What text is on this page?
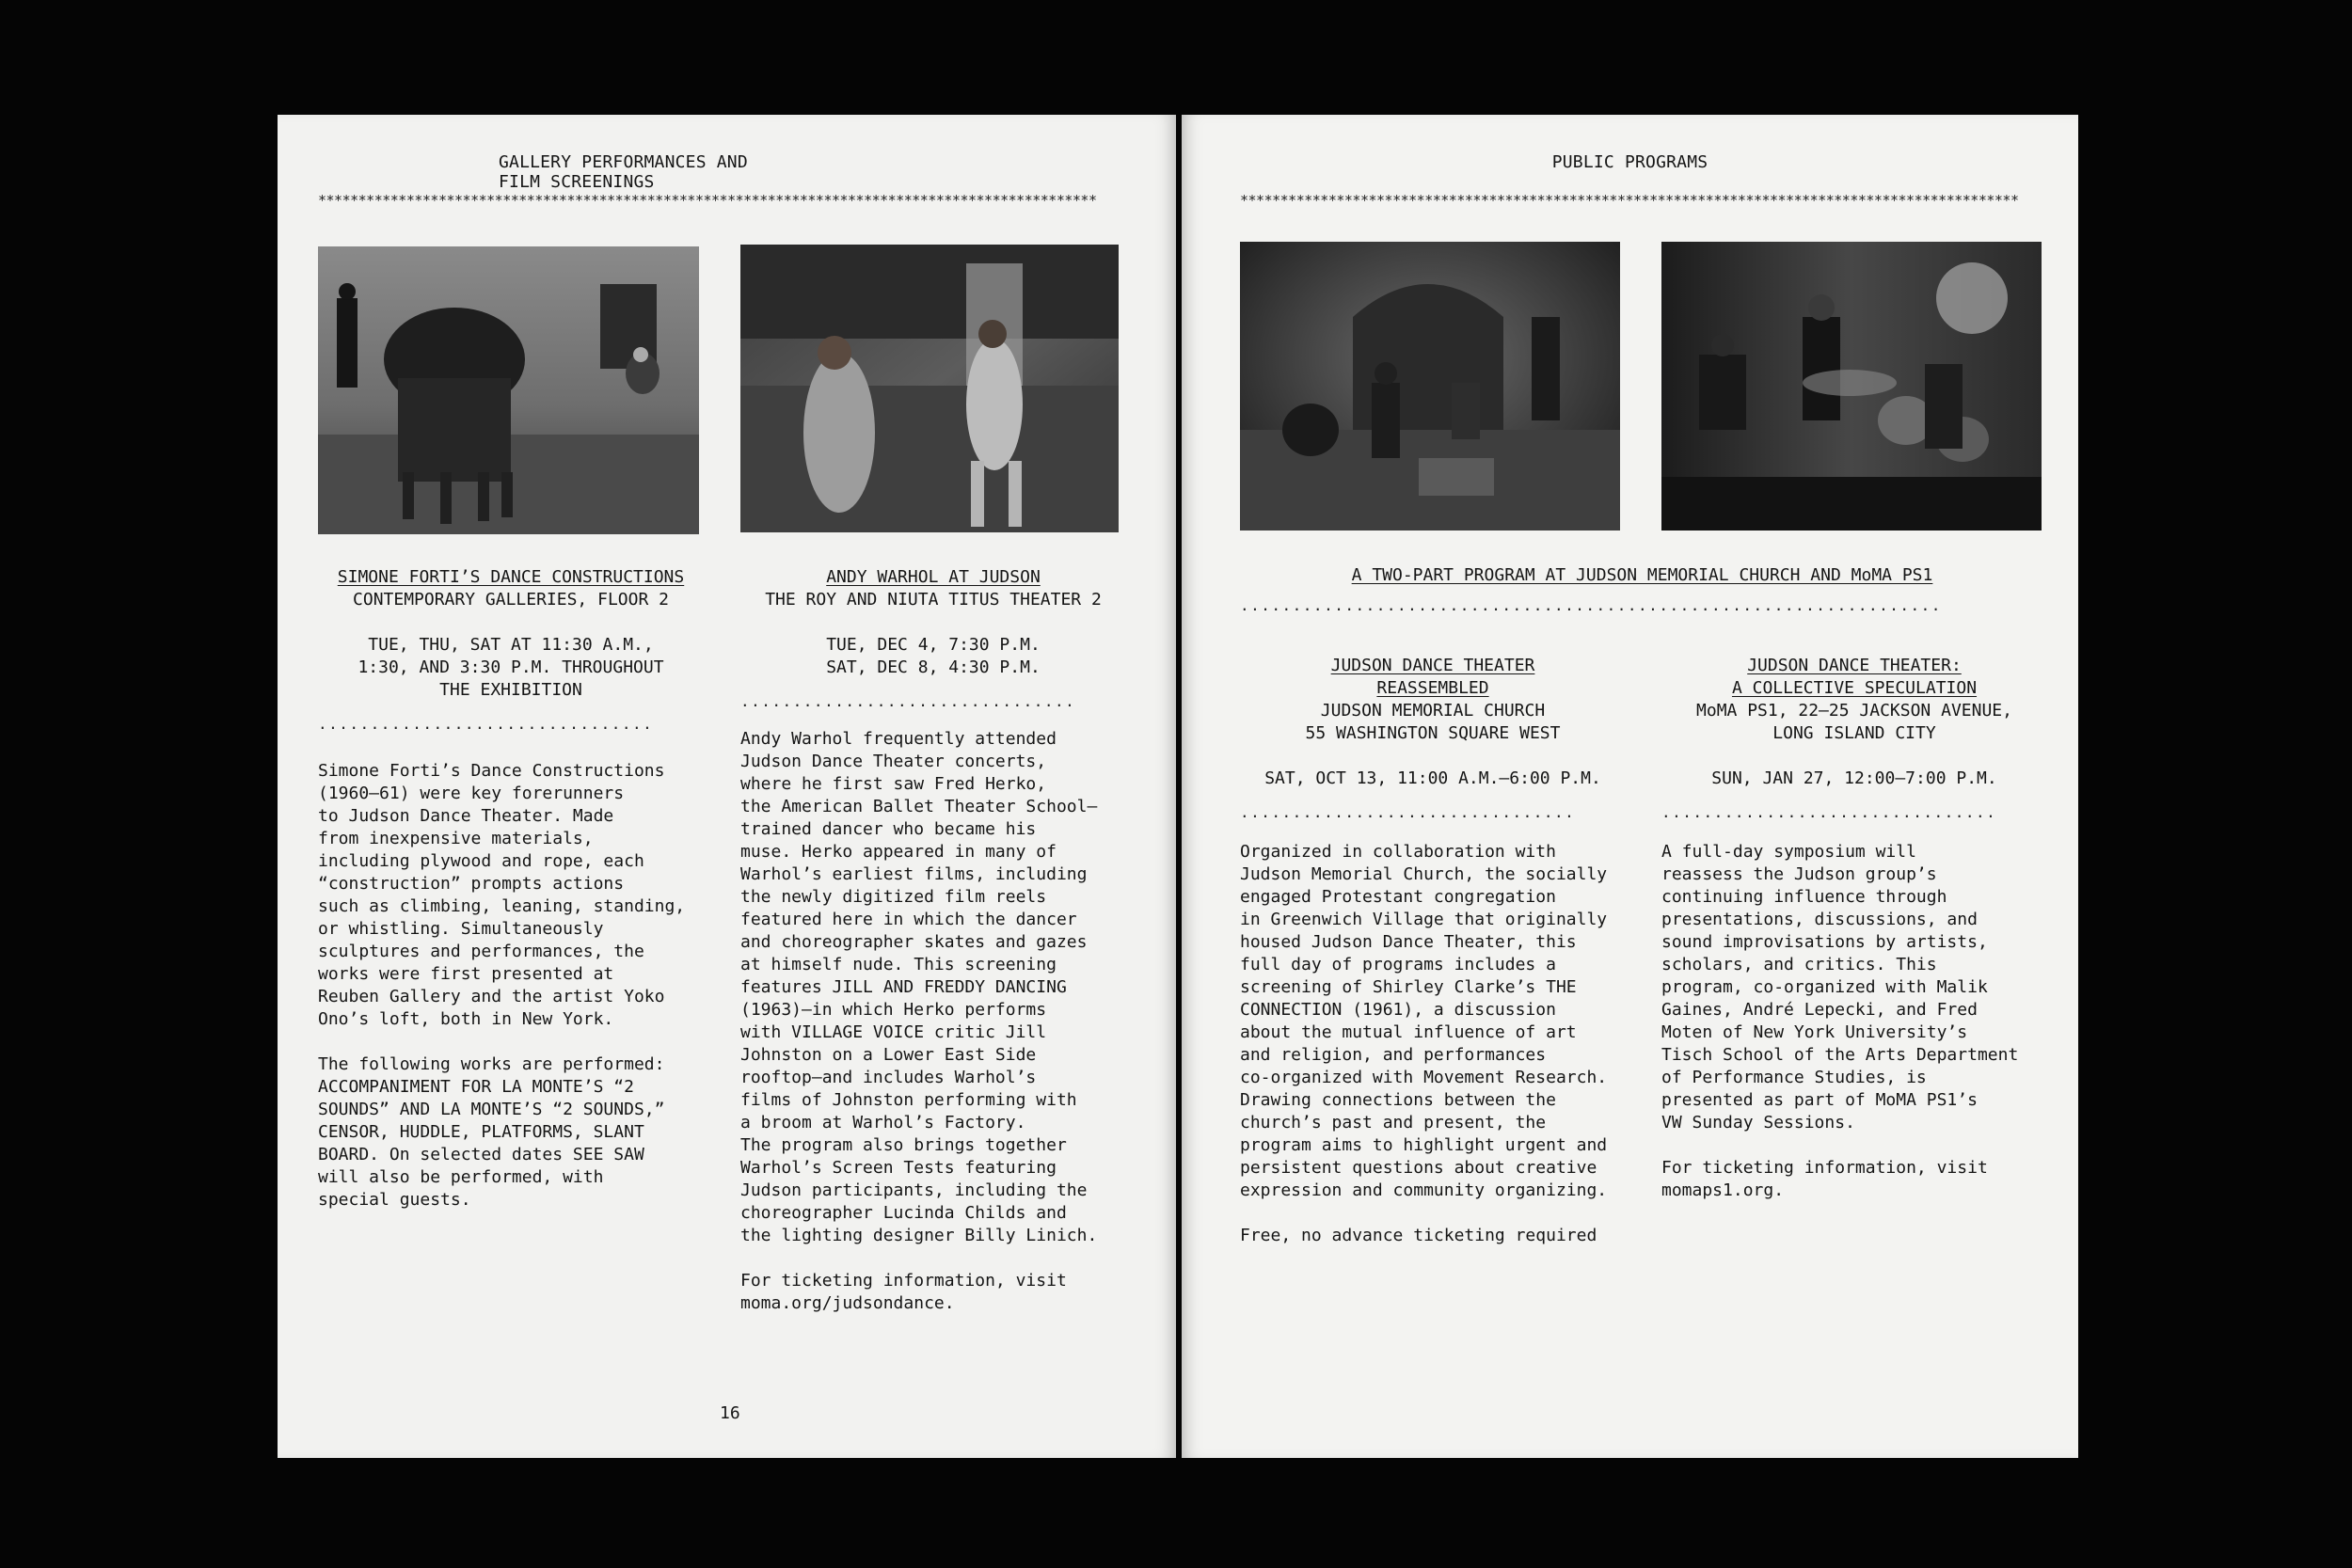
GALLERY PERFORMANCES AND FILM SCREENINGS
*************************************************************************************************
SIMONE FORTI’S DANCE CONSTRUCTIONS
CONTEMPORARY GALLERIES, FLOOR 2
TUE, THU, SAT AT 11:30 A.M.,
1:30, AND 3:30 P.M. THROUGHOUT
THE EXHIBITION
................................

Simone Forti’s Dance Constructions
(1960–61) were key forerunners
to Judson Dance Theater. Made
from inexpensive materials,
including plywood and rope, each
“construction” prompts actions
such as climbing, leaning, standing,
or whistling. Simultaneously
sculptures and performances, the
works were first presented at
Reuben Gallery and the artist Yoko
Ono’s loft, both in New York.

The following works are performed:
ACCOMPANIMENT FOR LA MONTE’S “2
SOUNDS” AND LA MONTE’S “2 SOUNDS,”
CENSOR, HUDDLE, PLATFORMS, SLANT
BOARD. On selected dates SEE SAW
will also be performed, with
special guests.

ANDY WARHOL AT JUDSON
THE ROY AND NIUTA TITUS THEATER 2
TUE, DEC 4, 7:30 P.M.
SAT, DEC 8, 4:30 P.M.
................................

Andy Warhol frequently attended
Judson Dance Theater concerts,
where he first saw Fred Herko,
the American Ballet Theater School–
trained dancer who became his
muse. Herko appeared in many of
Warhol’s earliest films, including
the newly digitized film reels
featured here in which the dancer
and choreographer skates and gazes
at himself nude. This screening
features JILL AND FREDDY DANCING
(1963)—in which Herko performs
with VILLAGE VOICE critic Jill
Johnston on a Lower East Side
rooftop—and includes Warhol’s
films of Johnston performing with
a broom at Warhol’s Factory.
The program also brings together
Warhol’s Screen Tests featuring
Judson participants, including the
choreographer Lucinda Childs and
the lighting designer Billy Linich.

For ticketing information, visit
moma.org/judsondance.

16
PUBLIC PROGRAMS
*************************************************************************************************
A TWO-PART PROGRAM AT JUDSON MEMORIAL CHURCH AND MoMA PS1
...................................................................
JUDSON DANCE THEATER
REASSEMBLED
JUDSON MEMORIAL CHURCH
55 WASHINGTON SQUARE WEST
SAT, OCT 13, 11:00 A.M.–6:00 P.M.
................................

Organized in collaboration with
Judson Memorial Church, the socially
engaged Protestant congregation
in Greenwich Village that originally
housed Judson Dance Theater, this
full day of programs includes a
screening of Shirley Clarke’s THE
CONNECTION (1961), a discussion
about the mutual influence of art
and religion, and performances
co-organized with Movement Research.
Drawing connections between the
church’s past and present, the
program aims to highlight urgent and
persistent questions about creative
expression and community organizing.

Free, no advance ticketing required

JUDSON DANCE THEATER:
A COLLECTIVE SPECULATION
MoMA PS1, 22–25 JACKSON AVENUE,
LONG ISLAND CITY
SUN, JAN 27, 12:00–7:00 P.M.
................................

A full-day symposium will
reassess the Judson group’s
continuing influence through
presentations, discussions, and
sound improvisations by artists,
scholars, and critics. This
program, co-organized with Malik
Gaines, André Lepecki, and Fred
Moten of New York University’s
Tisch School of the Arts Department
of Performance Studies, is
presented as part of MoMA PS1’s
VW Sunday Sessions.

For ticketing information, visit
momaps1.org.
